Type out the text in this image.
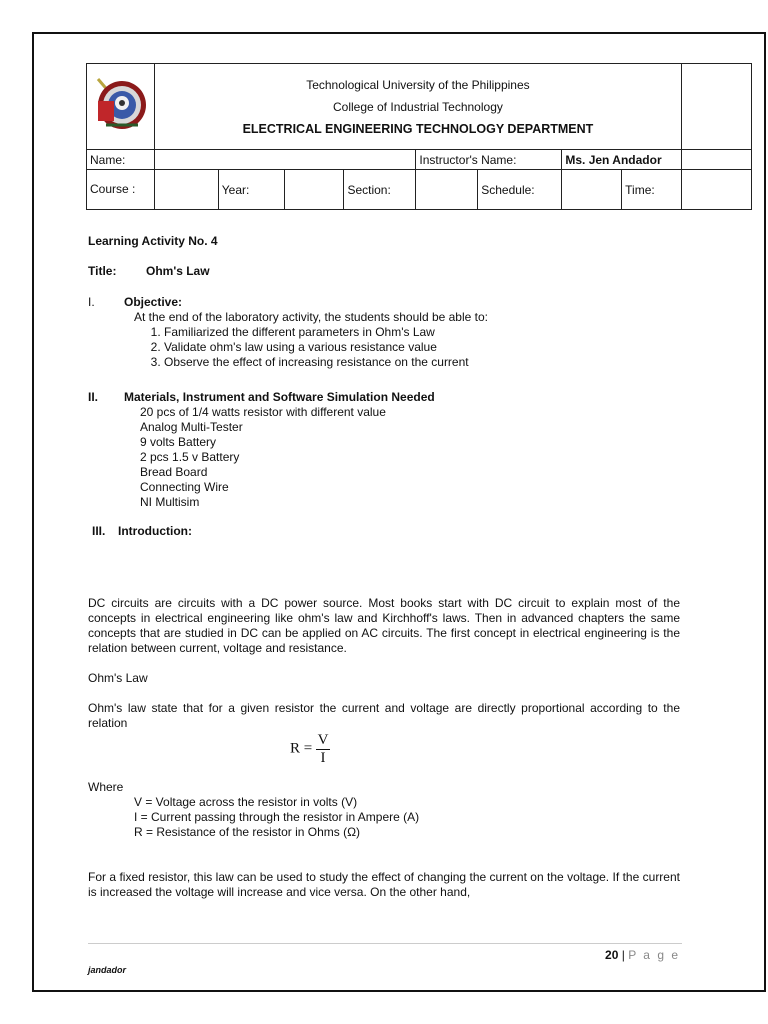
Technological University of the Philippines
College of Industrial Technology
ELECTRICAL ENGINEERING TECHNOLOGY DEPARTMENT								

Name:					Instructor's Name:		Ms. Jen Andador		
Course :		Year:		Section:		Schedule:		Time:	

Learning Activity No. 4

Title: Ohm's Law

I. Objective:
At the end of the laboratory activity, the students should be able to:
1. Familiarized the different parameters in Ohm's Law
2. Validate ohm's law using a various resistance value
3. Observe the effect of increasing resistance on the current
II. Materials, Instrument and Software Simulation Needed
20 pcs of 1/4 watts resistor with different value
Analog Multi-Tester
9 volts Battery
2 pcs 1.5 v Battery
Bread Board
Connecting Wire
NI Multisim
III. Introduction:

DC circuits are circuits with a DC power source. Most books start with DC circuit to explain most of the concepts in electrical engineering like ohm's law and Kirchhoff's laws. Then in advanced chapters the same concepts that are studied in DC can be applied on AC circuits. The first concept in electrical engineering is the relation between current, voltage and resistance.

Ohm's Law

Ohm's law state that for a given resistor the current and voltage are directly proportional according to the relation

$R = \frac{V}{I}$

Where

V = Voltage across the resistor in volts (V)
I = Current passing through the resistor in Ampere (A)
R = Resistance of the resistor in Ohms (Ω)

For a fixed resistor, this law can be used to study the effect of changing the current on the voltage. If the current is increased the voltage will increase and vice versa. On the other hand,

20 | P a g e
jandador
